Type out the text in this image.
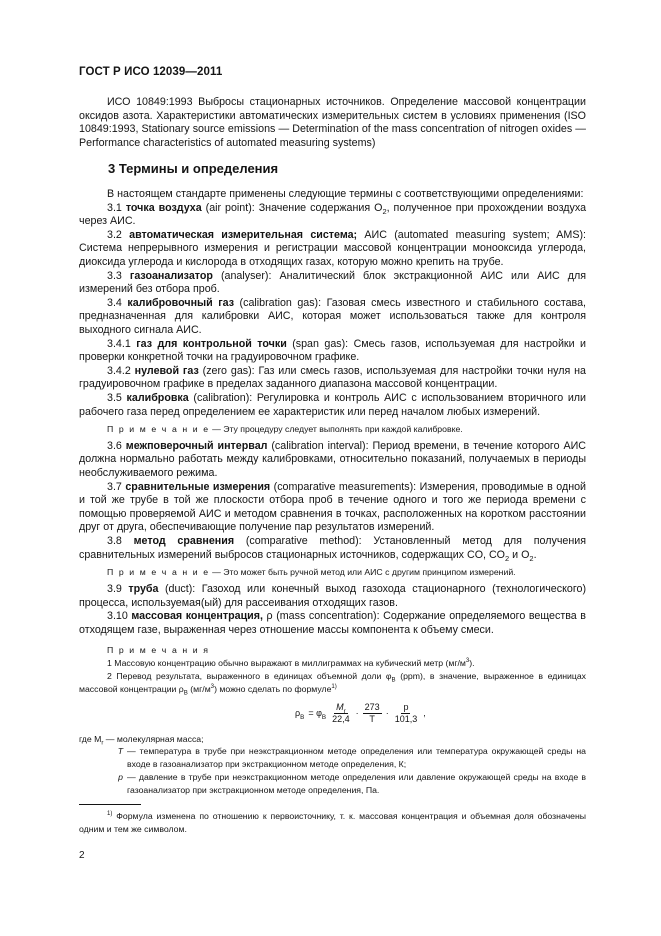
ГОСТ Р ИСО 12039—2011

ИСО 10849:1993 Выбросы стационарных источников. Определение массовой концентрации оксидов азота. Характеристики автоматических измерительных систем в условиях применения (ISO 10849:1993, Stationary source emissions — Determination of the mass concentration of nitrogen oxides — Performance characteristics of automated measuring systems)

3 Термины и определения

В настоящем стандарте применены следующие термины с соответствующими определениями:

3.1 точка воздуха (air point): Значение содержания $O_2$, полученное при прохождении воздуха через АИС.

3.2 автоматическая измерительная система; АИС (automated measuring system; AMS): Система непрерывного измерения и регистрации массовой концентрации монооксида углерода, диоксида углерода и кислорода в отходящих газах, которую можно крепить на трубе.

3.3 газоанализатор (analyser): Аналитический блок экстракционной АИС или АИС для измерений без отбора проб.

3.4 калибровочный газ (calibration gas): Газовая смесь известного и стабильного состава, предназначенная для калибровки АИС, которая может использоваться также для контроля выходного сигнала АИС.

3.4.1 газ для контрольной точки (span gas): Смесь газов, используемая для настройки и проверки конкретной точки на градуировочном графике.

3.4.2 нулевой газ (zero gas): Газ или смесь газов, используемая для настройки точки нуля на градуировочном графике в пределах заданного диапазона массовой концентрации.

3.5 калибровка (calibration): Регулировка и контроль АИС с использованием вторичного или рабочего газа перед определением ее характеристик или перед началом любых измерений.

П р и м е ч а н и е — Эту процедуру следует выполнять при каждой калибровке.

3.6 межповерочный интервал (calibration interval): Период времени, в течение которого АИС должна нормально работать между калибровками, относительно показаний, получаемых в периоды необслуживаемого режима.

3.7 сравнительные измерения (comparative measurements): Измерения, проводимые в одной и той же трубе в той же плоскости отбора проб в течение одного и того же периода времени с помощью проверяемой АИС и методом сравнения в точках, расположенных на коротком расстоянии друг от друга, обеспечивающие получение пар результатов измерений.

3.8 метод сравнения (comparative method): Установленный метод для получения сравнительных измерений выбросов стационарных источников, содержащих CO, $CO_2$ и $O_2$.

П р и м е ч а н и е — Это может быть ручной метод или АИС с другим принципом измерений.

3.9 труба (duct): Газоход или конечный выход газохода стационарного (технологического) процесса, используемая(ый) для рассеивания отходящих газов.

3.10 массовая концентрация, ρ (mass concentration): Содержание определяемого вещества в отходящем газе, выраженная через отношение массы компонента к объему смеси.

П р и м е ч а н и я

1 Массовую концентрацию обычно выражают в миллиграммах на кубический метр $(мг/м^3)$.

2 Перевод результата, выраженного в единицах объемной доли $\varphi_B$ (ppm), в значение, выраженное в единицах массовой концентрации $\rho_B$ $(мг/м^3)$ можно сделать по формуле$^{1)}$

$\rho_B = \varphi_B \frac{M_r}{22,4} \cdot \frac{273}{T} \cdot \frac{p}{101,3}$ ,
где $M_r$ — молекулярная масса;
T — температура в трубе при неэкстракционном методе определения или температура окружающей среды на входе в газоанализатор при экстракционном методе определения, К;
p — давление в трубе при неэкстракционном методе определения или давление окружающей среды на входе в газоанализатор при экстракционном методе определения, Па.

$^{1)}$ Формула изменена по отношению к первоисточнику, т. к. массовая концентрация и объемная доля обозначены одним и тем же символом.

2
